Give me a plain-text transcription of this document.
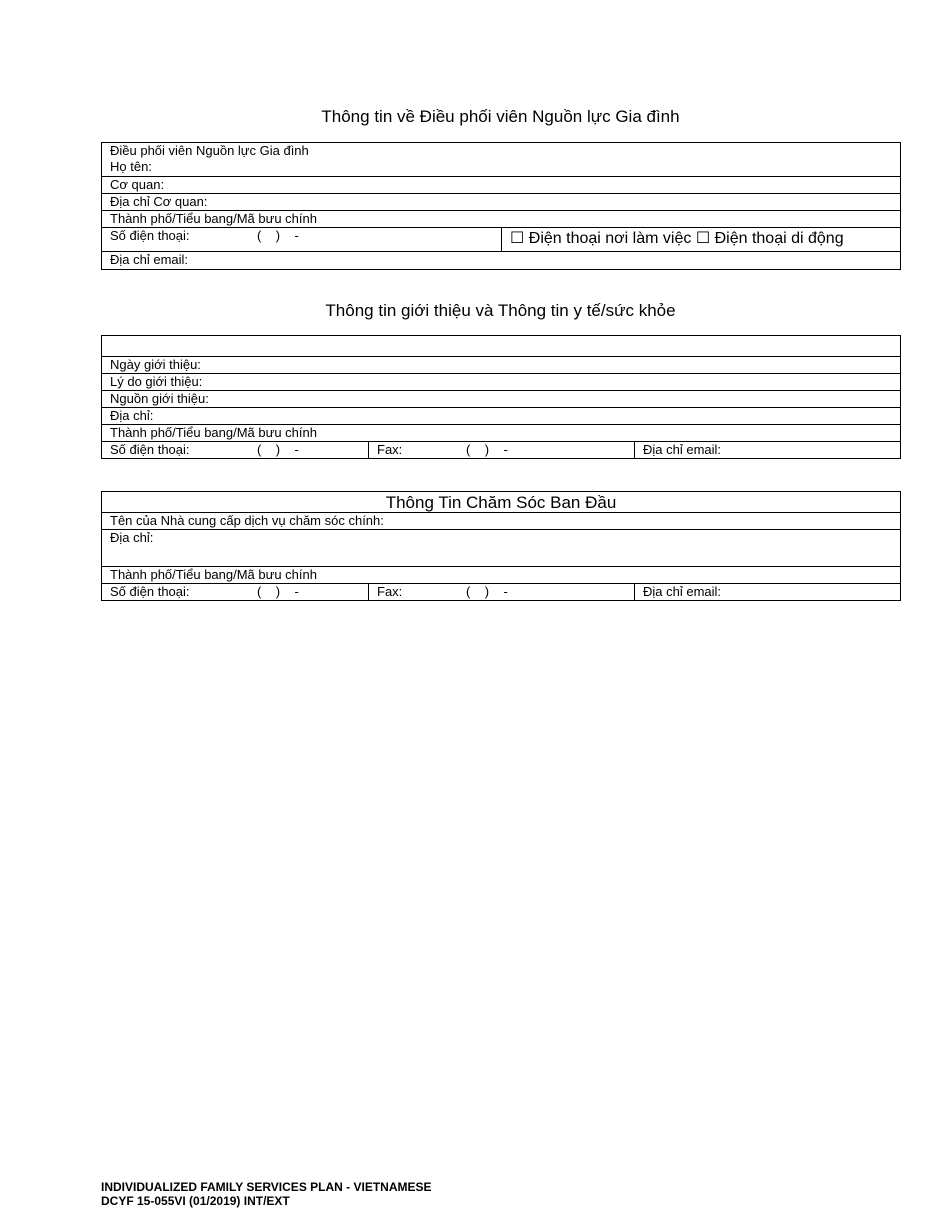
Thông tin về Điều phối viên Nguồn lực Gia đình
Điều phối viên Nguồn lực Gia đình
Họ tên:
Cơ quan:
Địa chỉ Cơ quan:
Thành phố/Tiểu bang/Mã bưu chính
Số điện thoại:	(    )    -	☐ Điện thoại nơi làm việc ☐ Điện thoại di động
Địa chỉ email:
Thông tin giới thiệu và Thông tin y tế/sức khỏe
Ngày giới thiệu:
Lý do giới thiệu:
Nguồn giới thiệu:
Địa chỉ:
Thành phố/Tiểu bang/Mã bưu chính
Số điện thoại:	(    )    -	Fax:	(    )    -	Địa chỉ email:
Thông Tin Chăm Sóc Ban Đầu
Tên của Nhà cung cấp dịch vụ chăm sóc chính:
Địa chỉ:
Thành phố/Tiểu bang/Mã bưu chính
Số điện thoại:	(    )    -	Fax:	(    )    -	Địa chỉ email:
INDIVIDUALIZED FAMILY SERVICES PLAN - VIETNAMESE
DCYF 15-055VI (01/2019) INT/EXT
